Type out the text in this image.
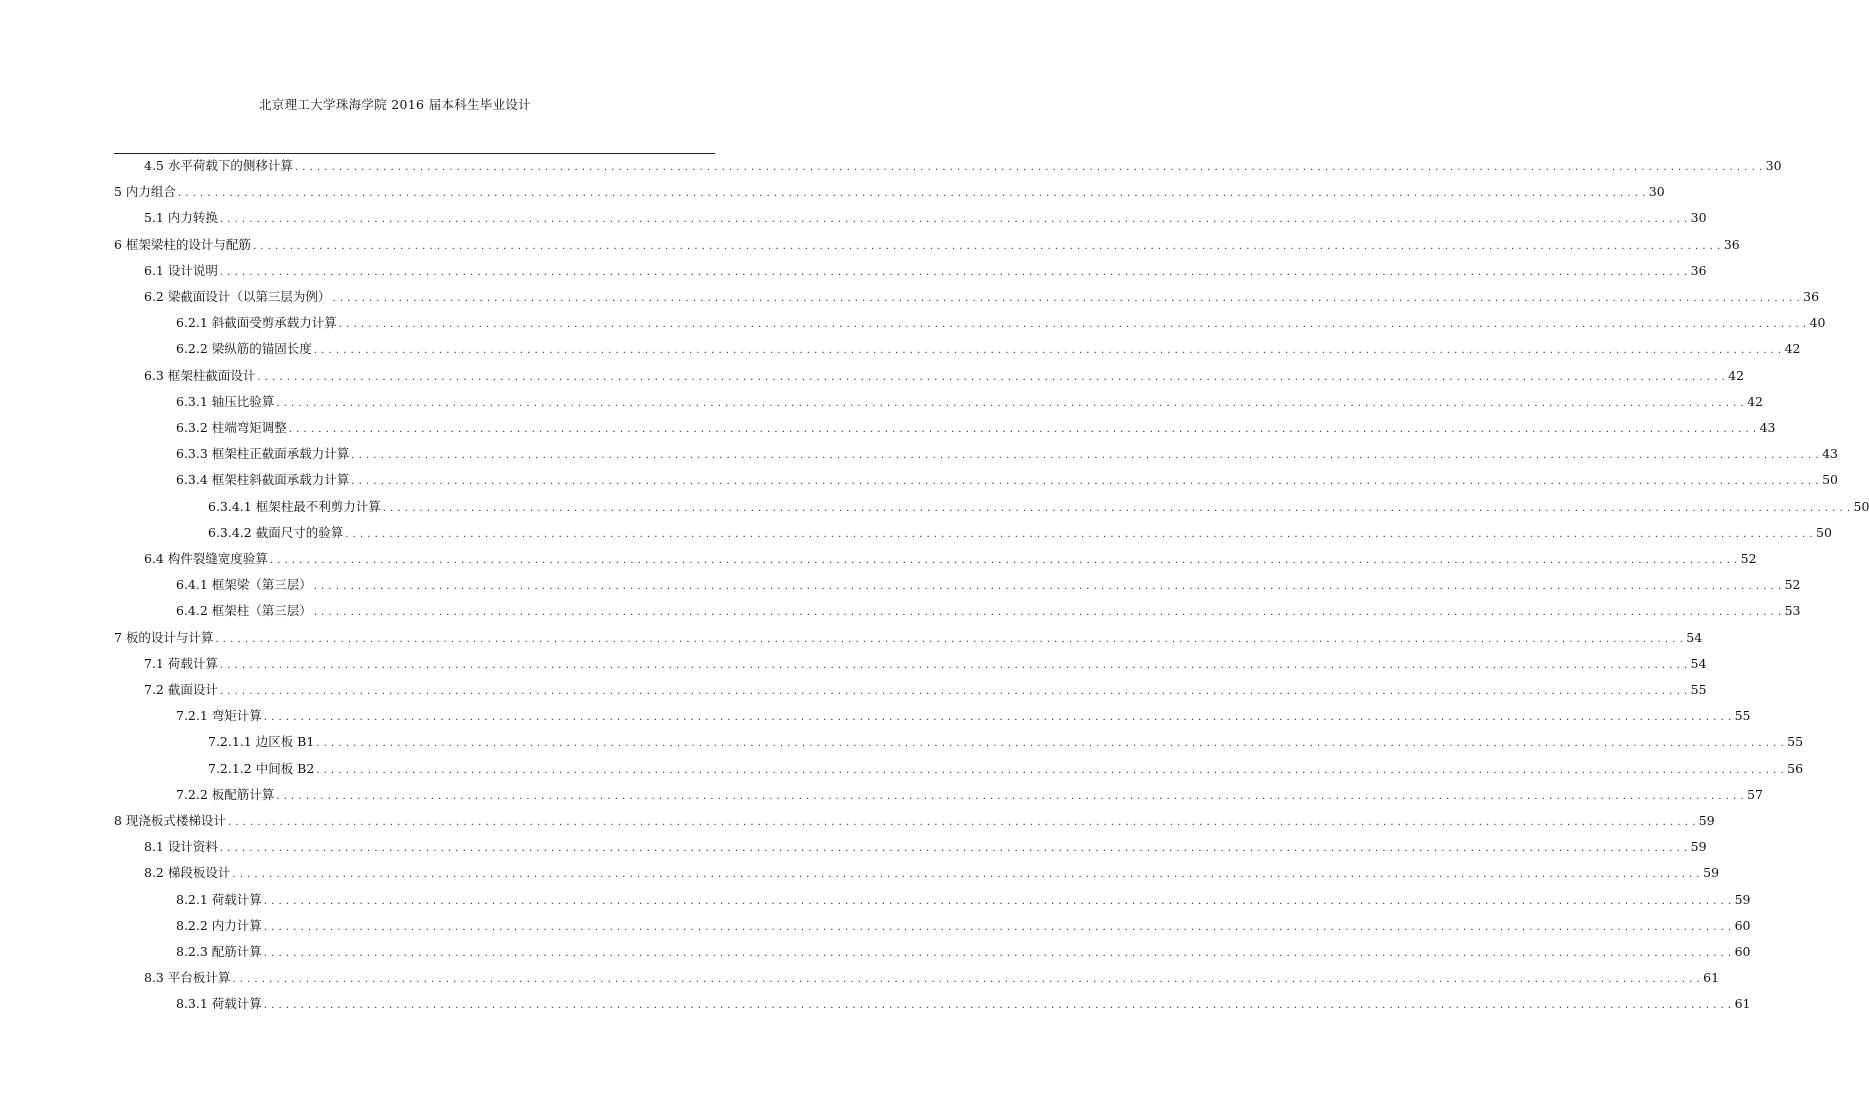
北京理工大学珠海学院 2016 届本科生毕业设计
4.5 水平荷载下的侧移计算 . . . . . . . . . . . . . . . . . . . . . . . . . . . . . . . . . . . . . . . . . . . . . . . . . . . . . . . . . . . . . . . . . . . . . . . . . . . . . . . . . . . . . . . . . . . . . . . . . . . . . . . . . . . . . . . . . . . . . . . . . . . . . . . . . . . . . . . . . . . . . . . . . . . . . . . . . . . . . . . . . . . . . . . . . . . . . . . . . . . . . . . . . . . . . . . . . . . . . . . . 30
5 内力组合 . . . . . . . . . . . . . . . . . . . . . . . . . . . . . . . . . . . . . . . . . . . . . . . . . . . . . . . . . . . . . . . . . . . . . . . . . . . . . . . . . . . . . . . . . . . . . . . . . . . . . . . . . . . . . . . . . . . . . . . . . . . . . . . . . . . . . . . . . . . . . . . . . . . . . . . . . . . . . . . . . . . . . . . . . . . . . . . . . . . . . . . . . . . . . . . . . . . . . . . . 30
5.1 内力转换 . . . . . . . . . . . . . . . . . . . . . . . . . . . . . . . . . . . . . . . . . . . . . . . . . . . . . . . . . . . . . . . . . . . . . . . . . . . . . . . . . . . . . . . . . . . . . . . . . . . . . . . . . . . . . . . . . . . . . . . . . . . . . . . . . . . . . . . . . . . . . . . . . . . . . . . . . . . . . . . . . . . . . . . . . . . . . . . . . . . . . . . . . . . . . . . . . . . . . . . . 30
6 框架梁柱的设计与配筋 . . . . . . . . . . . . . . . . . . . . . . . . . . . . . . . . . . . . . . . . . . . . . . . . . . . . . . . . . . . . . . . . . . . . . . . . . . . . . . . . . . . . . . . . . . . . . . . . . . . . . . . . . . . . . . . . . . . . . . . . . . . . . . . . . . . . . . . . . . . . . . . . . . . . . . . . . . . . . . . . . . . . . . . . . . . . . . . . . . . . . . . . . . . . . . . . . . . . . . . . 36
6.1 设计说明 . . . . . . . . . . . . . . . . . . . . . . . . . . . . . . . . . . . . . . . . . . . . . . . . . . . . . . . . . . . . . . . . . . . . . . . . . . . . . . . . . . . . . . . . . . . . . . . . . . . . . . . . . . . . . . . . . . . . . . . . . . . . . . . . . . . . . . . . . . . . . . . . . . . . . . . . . . . . . . . . . . . . . . . . . . . . . . . . . . . . . . . . . . . . . . . . . . . . . . . . 36
6.2 梁截面设计（以第三层为例） . . . . . . . . . . . . . . . . . . . . . . . . . . . . . . . . . . . . . . . . . . . . . . . . . . . . . . . . . . . . . . . . . . . . . . . . . . . . . . . . . . . . . . . . . . . . . . . . . . . . . . . . . . . . . . . . . . . . . . . . . . . . . . . . . . . . . . . . . . . . . . . . . . . . . . . . . . . . . . . . . . . . . . . . . . . . . . . . . . . . . . . . . . . . . . . . . . . . . . . . 36
6.2.1 斜截面受剪承载力计算 . . . . . . . . . . . . . . . . . . . . . . . . . . . . . . . . . . . . . . . . . . . . . . . . . . . . . . . . . . . . . . . . . . . . . . . . . . . . . . . . . . . . . . . . . . . . . . . . . . . . . . . . . . . . . . . . . . . . . . . . . . . . . . . . . . . . . . . . . . . . . . . . . . . . . . . . . . . . . . . . . . . . . . . . . . . . . . . . . . . . . . . . . . . . . . . . . . . . . . . . 40
6.2.2 梁纵筋的锚固长度 . . . . . . . . . . . . . . . . . . . . . . . . . . . . . . . . . . . . . . . . . . . . . . . . . . . . . . . . . . . . . . . . . . . . . . . . . . . . . . . . . . . . . . . . . . . . . . . . . . . . . . . . . . . . . . . . . . . . . . . . . . . . . . . . . . . . . . . . . . . . . . . . . . . . . . . . . . . . . . . . . . . . . . . . . . . . . . . . . . . . . . . . . . . . . . . . . . . . . . . . 42
6.3 框架柱截面设计 . . . . . . . . . . . . . . . . . . . . . . . . . . . . . . . . . . . . . . . . . . . . . . . . . . . . . . . . . . . . . . . . . . . . . . . . . . . . . . . . . . . . . . . . . . . . . . . . . . . . . . . . . . . . . . . . . . . . . . . . . . . . . . . . . . . . . . . . . . . . . . . . . . . . . . . . . . . . . . . . . . . . . . . . . . . . . . . . . . . . . . . . . . . . . . . . . . . . . . . . 42
6.3.1 轴压比验算 . . . . . . . . . . . . . . . . . . . . . . . . . . . . . . . . . . . . . . . . . . . . . . . . . . . . . . . . . . . . . . . . . . . . . . . . . . . . . . . . . . . . . . . . . . . . . . . . . . . . . . . . . . . . . . . . . . . . . . . . . . . . . . . . . . . . . . . . . . . . . . . . . . . . . . . . . . . . . . . . . . . . . . . . . . . . . . . . . . . . . . . . . . . . . . . . . . . . . . . . 42
6.3.2 柱端弯矩调整 . . . . . . . . . . . . . . . . . . . . . . . . . . . . . . . . . . . . . . . . . . . . . . . . . . . . . . . . . . . . . . . . . . . . . . . . . . . . . . . . . . . . . . . . . . . . . . . . . . . . . . . . . . . . . . . . . . . . . . . . . . . . . . . . . . . . . . . . . . . . . . . . . . . . . . . . . . . . . . . . . . . . . . . . . . . . . . . . . . . . . . . . . . . . . . . . . . . . . . . . 43
6.3.3 框架柱正截面承载力计算 . . . . . . . . . . . . . . . . . . . . . . . . . . . . . . . . . . . . . . . . . . . . . . . . . . . . . . . . . . . . . . . . . . . . . . . . . . . . . . . . . . . . . . . . . . . . . . . . . . . . . . . . . . . . . . . . . . . . . . . . . . . . . . . . . . . . . . . . . . . . . . . . . . . . . . . . . . . . . . . . . . . . . . . . . . . . . . . . . . . . . . . . . . . . . . . . . . . . . . . . 43
6.3.4 框架柱斜截面承载力计算 . . . . . . . . . . . . . . . . . . . . . . . . . . . . . . . . . . . . . . . . . . . . . . . . . . . . . . . . . . . . . . . . . . . . . . . . . . . . . . . . . . . . . . . . . . . . . . . . . . . . . . . . . . . . . . . . . . . . . . . . . . . . . . . . . . . . . . . . . . . . . . . . . . . . . . . . . . . . . . . . . . . . . . . . . . . . . . . . . . . . . . . . . . . . . . . . . . . . . . . . 50
6.3.4.1 框架柱最不利剪力计算 . . . . . . . . . . . . . . . . . . . . . . . . . . . . . . . . . . . . . . . . . . . . . . . . . . . . . . . . . . . . . . . . . . . . . . . . . . . . . . . . . . . . . . . . . . . . . . . . . . . . . . . . . . . . . . . . . . . . . . . . . . . . . . . . . . . . . . . . . . . . . . . . . . . . . . . . . . . . . . . . . . . . . . . . . . . . . . . . . . . . . . . . . . . . . . . . . . . . . . . . 50
6.3.4.2 截面尺寸的验算 . . . . . . . . . . . . . . . . . . . . . . . . . . . . . . . . . . . . . . . . . . . . . . . . . . . . . . . . . . . . . . . . . . . . . . . . . . . . . . . . . . . . . . . . . . . . . . . . . . . . . . . . . . . . . . . . . . . . . . . . . . . . . . . . . . . . . . . . . . . . . . . . . . . . . . . . . . . . . . . . . . . . . . . . . . . . . . . . . . . . . . . . . . . . . . . . . . . . . . . . 50
6.4 构件裂缝宽度验算 . . . . . . . . . . . . . . . . . . . . . . . . . . . . . . . . . . . . . . . . . . . . . . . . . . . . . . . . . . . . . . . . . . . . . . . . . . . . . . . . . . . . . . . . . . . . . . . . . . . . . . . . . . . . . . . . . . . . . . . . . . . . . . . . . . . . . . . . . . . . . . . . . . . . . . . . . . . . . . . . . . . . . . . . . . . . . . . . . . . . . . . . . . . . . . . . . . . . . . . . 52
6.4.1 框架梁（第三层） . . . . . . . . . . . . . . . . . . . . . . . . . . . . . . . . . . . . . . . . . . . . . . . . . . . . . . . . . . . . . . . . . . . . . . . . . . . . . . . . . . . . . . . . . . . . . . . . . . . . . . . . . . . . . . . . . . . . . . . . . . . . . . . . . . . . . . . . . . . . . . . . . . . . . . . . . . . . . . . . . . . . . . . . . . . . . . . . . . . . . . . . . . . . . . . . . . . . . . . . 52
6.4.2 框架柱（第三层） . . . . . . . . . . . . . . . . . . . . . . . . . . . . . . . . . . . . . . . . . . . . . . . . . . . . . . . . . . . . . . . . . . . . . . . . . . . . . . . . . . . . . . . . . . . . . . . . . . . . . . . . . . . . . . . . . . . . . . . . . . . . . . . . . . . . . . . . . . . . . . . . . . . . . . . . . . . . . . . . . . . . . . . . . . . . . . . . . . . . . . . . . . . . . . . . . . . . . . . . 53
7 板的设计与计算 . . . . . . . . . . . . . . . . . . . . . . . . . . . . . . . . . . . . . . . . . . . . . . . . . . . . . . . . . . . . . . . . . . . . . . . . . . . . . . . . . . . . . . . . . . . . . . . . . . . . . . . . . . . . . . . . . . . . . . . . . . . . . . . . . . . . . . . . . . . . . . . . . . . . . . . . . . . . . . . . . . . . . . . . . . . . . . . . . . . . . . . . . . . . . . . . . . . . . . . . 54
7.1 荷载计算 . . . . . . . . . . . . . . . . . . . . . . . . . . . . . . . . . . . . . . . . . . . . . . . . . . . . . . . . . . . . . . . . . . . . . . . . . . . . . . . . . . . . . . . . . . . . . . . . . . . . . . . . . . . . . . . . . . . . . . . . . . . . . . . . . . . . . . . . . . . . . . . . . . . . . . . . . . . . . . . . . . . . . . . . . . . . . . . . . . . . . . . . . . . . . . . . . . . . . . . . 54
7.2 截面设计 . . . . . . . . . . . . . . . . . . . . . . . . . . . . . . . . . . . . . . . . . . . . . . . . . . . . . . . . . . . . . . . . . . . . . . . . . . . . . . . . . . . . . . . . . . . . . . . . . . . . . . . . . . . . . . . . . . . . . . . . . . . . . . . . . . . . . . . . . . . . . . . . . . . . . . . . . . . . . . . . . . . . . . . . . . . . . . . . . . . . . . . . . . . . . . . . . . . . . . . . 55
7.2.1 弯矩计算 . . . . . . . . . . . . . . . . . . . . . . . . . . . . . . . . . . . . . . . . . . . . . . . . . . . . . . . . . . . . . . . . . . . . . . . . . . . . . . . . . . . . . . . . . . . . . . . . . . . . . . . . . . . . . . . . . . . . . . . . . . . . . . . . . . . . . . . . . . . . . . . . . . . . . . . . . . . . . . . . . . . . . . . . . . . . . . . . . . . . . . . . . . . . . . . . . . . . . . . . 55
7.2.1.1 边区板 B1 . . . . . . . . . . . . . . . . . . . . . . . . . . . . . . . . . . . . . . . . . . . . . . . . . . . . . . . . . . . . . . . . . . . . . . . . . . . . . . . . . . . . . . . . . . . . . . . . . . . . . . . . . . . . . . . . . . . . . . . . . . . . . . . . . . . . . . . . . . . . . . . . . . . . . . . . . . . . . . . . . . . . . . . . . . . . . . . . . . . . . . . . . . . . . . . . . . . . . . . . 55
7.2.1.2 中间板 B2 . . . . . . . . . . . . . . . . . . . . . . . . . . . . . . . . . . . . . . . . . . . . . . . . . . . . . . . . . . . . . . . . . . . . . . . . . . . . . . . . . . . . . . . . . . . . . . . . . . . . . . . . . . . . . . . . . . . . . . . . . . . . . . . . . . . . . . . . . . . . . . . . . . . . . . . . . . . . . . . . . . . . . . . . . . . . . . . . . . . . . . . . . . . . . . . . . . . . . . . . 56
7.2.2 板配筋计算 . . . . . . . . . . . . . . . . . . . . . . . . . . . . . . . . . . . . . . . . . . . . . . . . . . . . . . . . . . . . . . . . . . . . . . . . . . . . . . . . . . . . . . . . . . . . . . . . . . . . . . . . . . . . . . . . . . . . . . . . . . . . . . . . . . . . . . . . . . . . . . . . . . . . . . . . . . . . . . . . . . . . . . . . . . . . . . . . . . . . . . . . . . . . . . . . . . . . . . . . 57
8 现浇板式楼梯设计 . . . . . . . . . . . . . . . . . . . . . . . . . . . . . . . . . . . . . . . . . . . . . . . . . . . . . . . . . . . . . . . . . . . . . . . . . . . . . . . . . . . . . . . . . . . . . . . . . . . . . . . . . . . . . . . . . . . . . . . . . . . . . . . . . . . . . . . . . . . . . . . . . . . . . . . . . . . . . . . . . . . . . . . . . . . . . . . . . . . . . . . . . . . . . . . . . . . . . . . . 59
8.1 设计资料 . . . . . . . . . . . . . . . . . . . . . . . . . . . . . . . . . . . . . . . . . . . . . . . . . . . . . . . . . . . . . . . . . . . . . . . . . . . . . . . . . . . . . . . . . . . . . . . . . . . . . . . . . . . . . . . . . . . . . . . . . . . . . . . . . . . . . . . . . . . . . . . . . . . . . . . . . . . . . . . . . . . . . . . . . . . . . . . . . . . . . . . . . . . . . . . . . . . . . . . . 59
8.2 梯段板设计 . . . . . . . . . . . . . . . . . . . . . . . . . . . . . . . . . . . . . . . . . . . . . . . . . . . . . . . . . . . . . . . . . . . . . . . . . . . . . . . . . . . . . . . . . . . . . . . . . . . . . . . . . . . . . . . . . . . . . . . . . . . . . . . . . . . . . . . . . . . . . . . . . . . . . . . . . . . . . . . . . . . . . . . . . . . . . . . . . . . . . . . . . . . . . . . . . . . . . . . . 59
8.2.1 荷载计算 . . . . . . . . . . . . . . . . . . . . . . . . . . . . . . . . . . . . . . . . . . . . . . . . . . . . . . . . . . . . . . . . . . . . . . . . . . . . . . . . . . . . . . . . . . . . . . . . . . . . . . . . . . . . . . . . . . . . . . . . . . . . . . . . . . . . . . . . . . . . . . . . . . . . . . . . . . . . . . . . . . . . . . . . . . . . . . . . . . . . . . . . . . . . . . . . . . . . . . . . 59
8.2.2 内力计算 . . . . . . . . . . . . . . . . . . . . . . . . . . . . . . . . . . . . . . . . . . . . . . . . . . . . . . . . . . . . . . . . . . . . . . . . . . . . . . . . . . . . . . . . . . . . . . . . . . . . . . . . . . . . . . . . . . . . . . . . . . . . . . . . . . . . . . . . . . . . . . . . . . . . . . . . . . . . . . . . . . . . . . . . . . . . . . . . . . . . . . . . . . . . . . . . . . . . . . . . 60
8.2.3 配筋计算 . . . . . . . . . . . . . . . . . . . . . . . . . . . . . . . . . . . . . . . . . . . . . . . . . . . . . . . . . . . . . . . . . . . . . . . . . . . . . . . . . . . . . . . . . . . . . . . . . . . . . . . . . . . . . . . . . . . . . . . . . . . . . . . . . . . . . . . . . . . . . . . . . . . . . . . . . . . . . . . . . . . . . . . . . . . . . . . . . . . . . . . . . . . . . . . . . . . . . . . . 60
8.3 平台板计算 . . . . . . . . . . . . . . . . . . . . . . . . . . . . . . . . . . . . . . . . . . . . . . . . . . . . . . . . . . . . . . . . . . . . . . . . . . . . . . . . . . . . . . . . . . . . . . . . . . . . . . . . . . . . . . . . . . . . . . . . . . . . . . . . . . . . . . . . . . . . . . . . . . . . . . . . . . . . . . . . . . . . . . . . . . . . . . . . . . . . . . . . . . . . . . . . . . . . . . . . 61
8.3.1 荷载计算 . . . . . . . . . . . . . . . . . . . . . . . . . . . . . . . . . . . . . . . . . . . . . . . . . . . . . . . . . . . . . . . . . . . . . . . . . . . . . . . . . . . . . . . . . . . . . . . . . . . . . . . . . . . . . . . . . . . . . . . . . . . . . . . . . . . . . . . . . . . . . . . . . . . . . . . . . . . . . . . . . . . . . . . . . . . . . . . . . . . . . . . . . . . . . . . . . . . . . . . . 61
